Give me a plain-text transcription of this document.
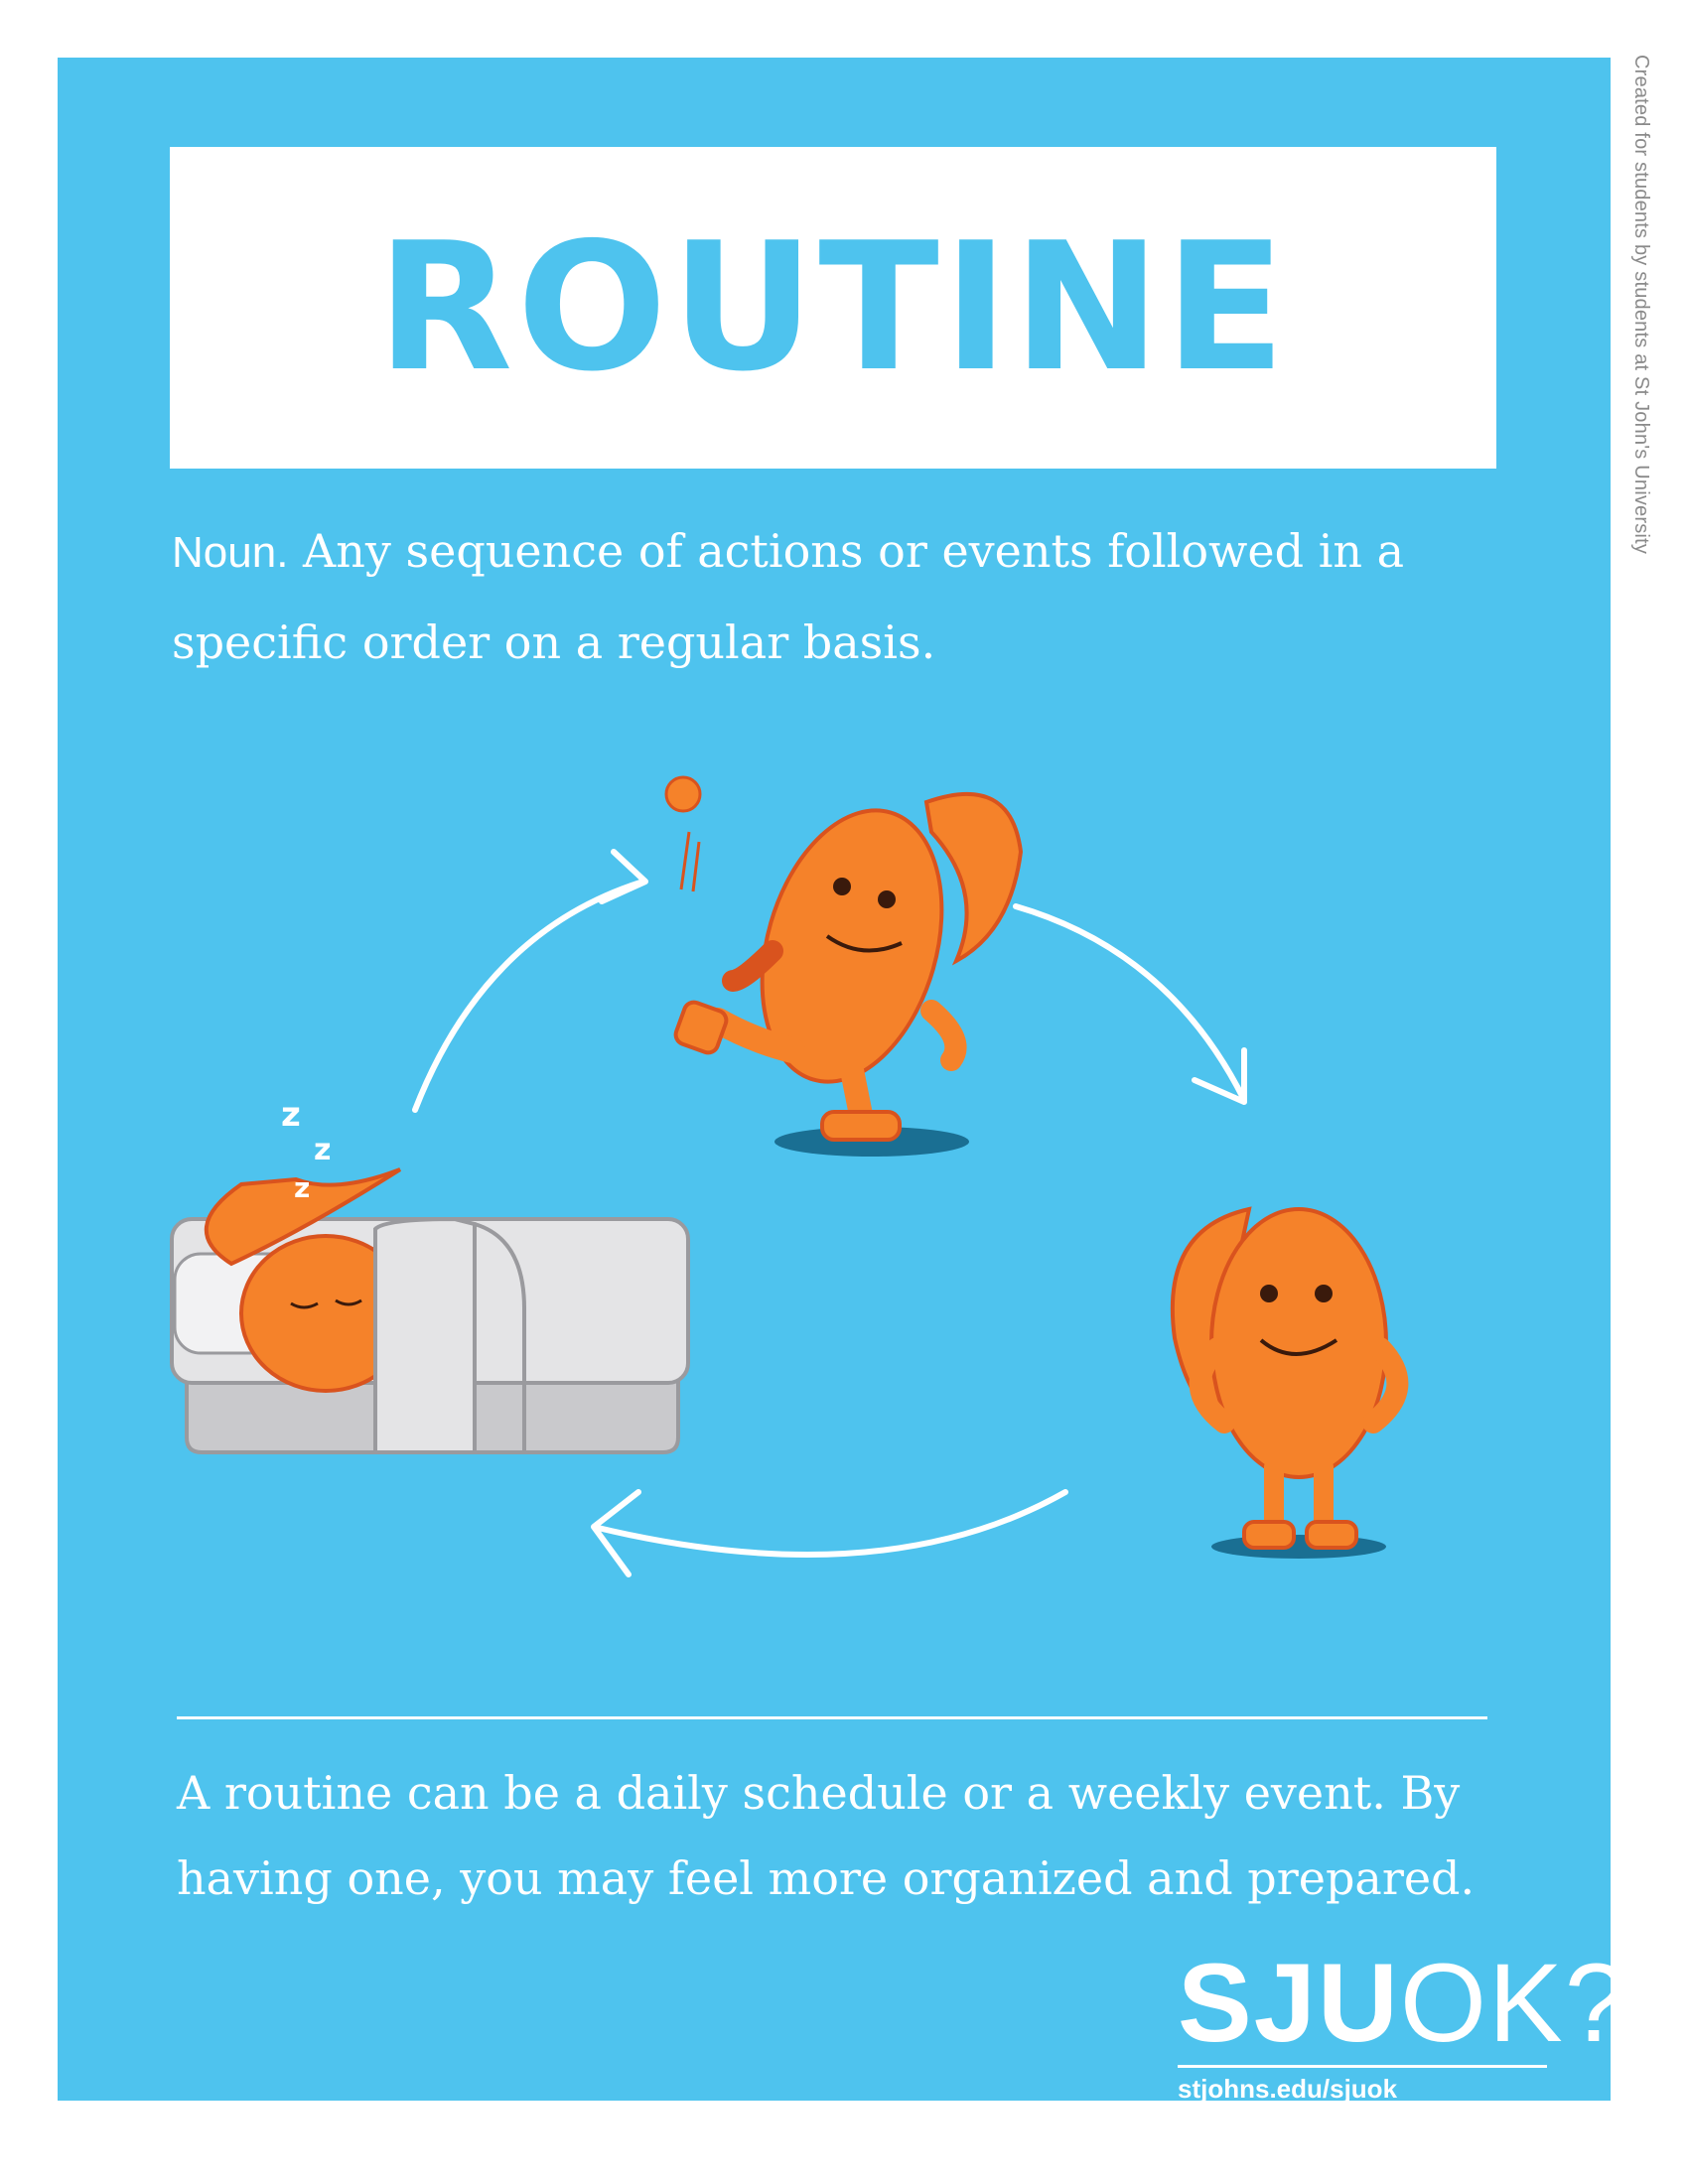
ROUTINE
Noun. Any sequence of actions or events followed in a specific order on a regular basis.
z
z
z
A routine can be a daily schedule or a weekly event. By having one, you may feel more organized and prepared.
SJUOK?
stjohns.edu/sjuok
Created for students by students at St John's University
